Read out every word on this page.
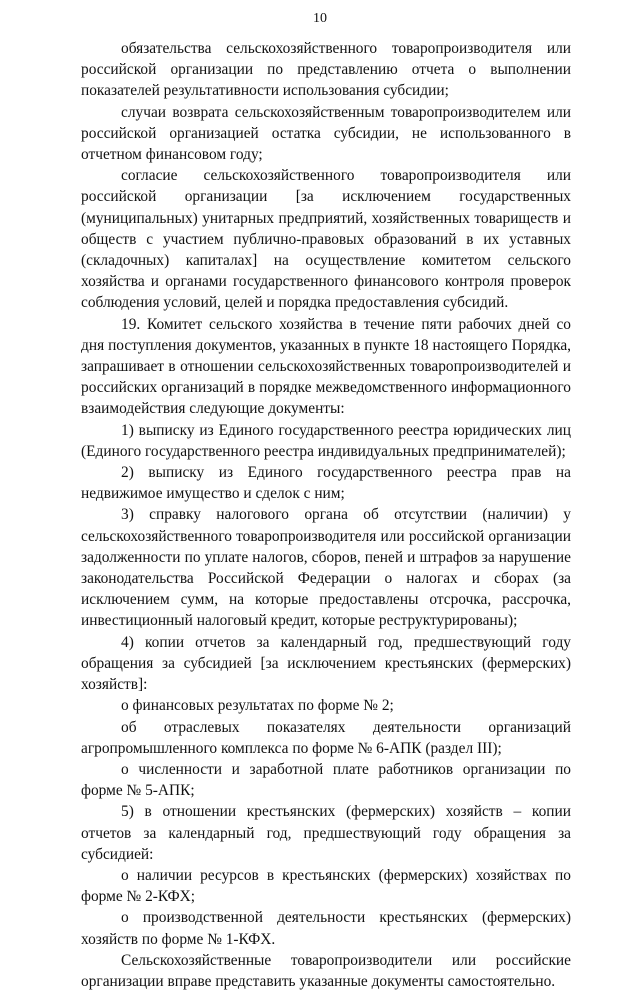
10

обязательства сельскохозяйственного товаропроизводителя или российской организации по представлению отчета о выполнении показателей результативности использования субсидии;

случаи возврата сельскохозяйственным товаропроизводителем или российской организацией остатка субсидии, не использованного в отчетном финансовом году;

согласие сельскохозяйственного товаропроизводителя или российской организации [за исключением государственных (муниципальных) унитарных предприятий, хозяйственных товариществ и обществ с участием публично-правовых образований в их уставных (складочных) капиталах] на осуществление комитетом сельского хозяйства и органами государственного финансового контроля проверок соблюдения условий, целей и порядка предоставления субсидий.

19. Комитет сельского хозяйства в течение пяти рабочих дней со дня поступления документов, указанных в пункте 18 настоящего Порядка, запрашивает в отношении сельскохозяйственных товаропроизводителей и российских организаций в порядке межведомственного информационного взаимодействия следующие документы:

1) выписку из Единого государственного реестра юридических лиц (Единого государственного реестра индивидуальных предпринимателей);

2) выписку из Единого государственного реестра прав на недвижимое имущество и сделок с ним;

3) справку налогового органа об отсутствии (наличии) у сельскохозяйственного товаропроизводителя или российской организации задолженности по уплате налогов, сборов, пеней и штрафов за нарушение законодательства Российской Федерации о налогах и сборах (за исключением сумм, на которые предоставлены отсрочка, рассрочка, инвестиционный налоговый кредит, которые реструктурированы);

4) копии отчетов за календарный год, предшествующий году обращения за субсидией [за исключением крестьянских (фермерских) хозяйств]:

о финансовых результатах по форме № 2;

об отраслевых показателях деятельности организаций агропромышленного комплекса по форме № 6-АПК (раздел III);

о численности и заработной плате работников организации по форме № 5-АПК;

5) в отношении крестьянских (фермерских) хозяйств – копии отчетов за календарный год, предшествующий году обращения за субсидией:

о наличии ресурсов в крестьянских (фермерских) хозяйствах по форме № 2-КФХ;

о производственной деятельности крестьянских (фермерских) хозяйств по форме № 1-КФХ.

Сельскохозяйственные товаропроизводители или российские организации вправе представить указанные документы самостоятельно.
